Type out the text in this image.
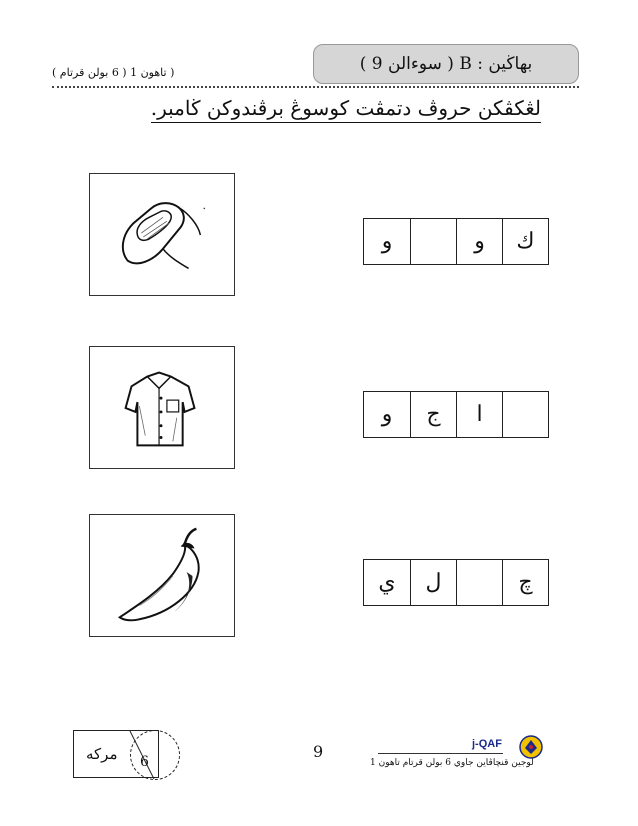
( تاهون 1 ( 6 بولن قرتام )	بهاڬين : B ( سوءالن 9 )
لڠكڤكن حروڤ دتمڤت كوسوڠ برڤندوكن ڬامبر.
ك
و
و
ا
ج
و
چ
ل
ي
مركه 6
9	j-QAF
لوجين قنچاڤاين جاوي 6 بولن قرتام تاهون 1
